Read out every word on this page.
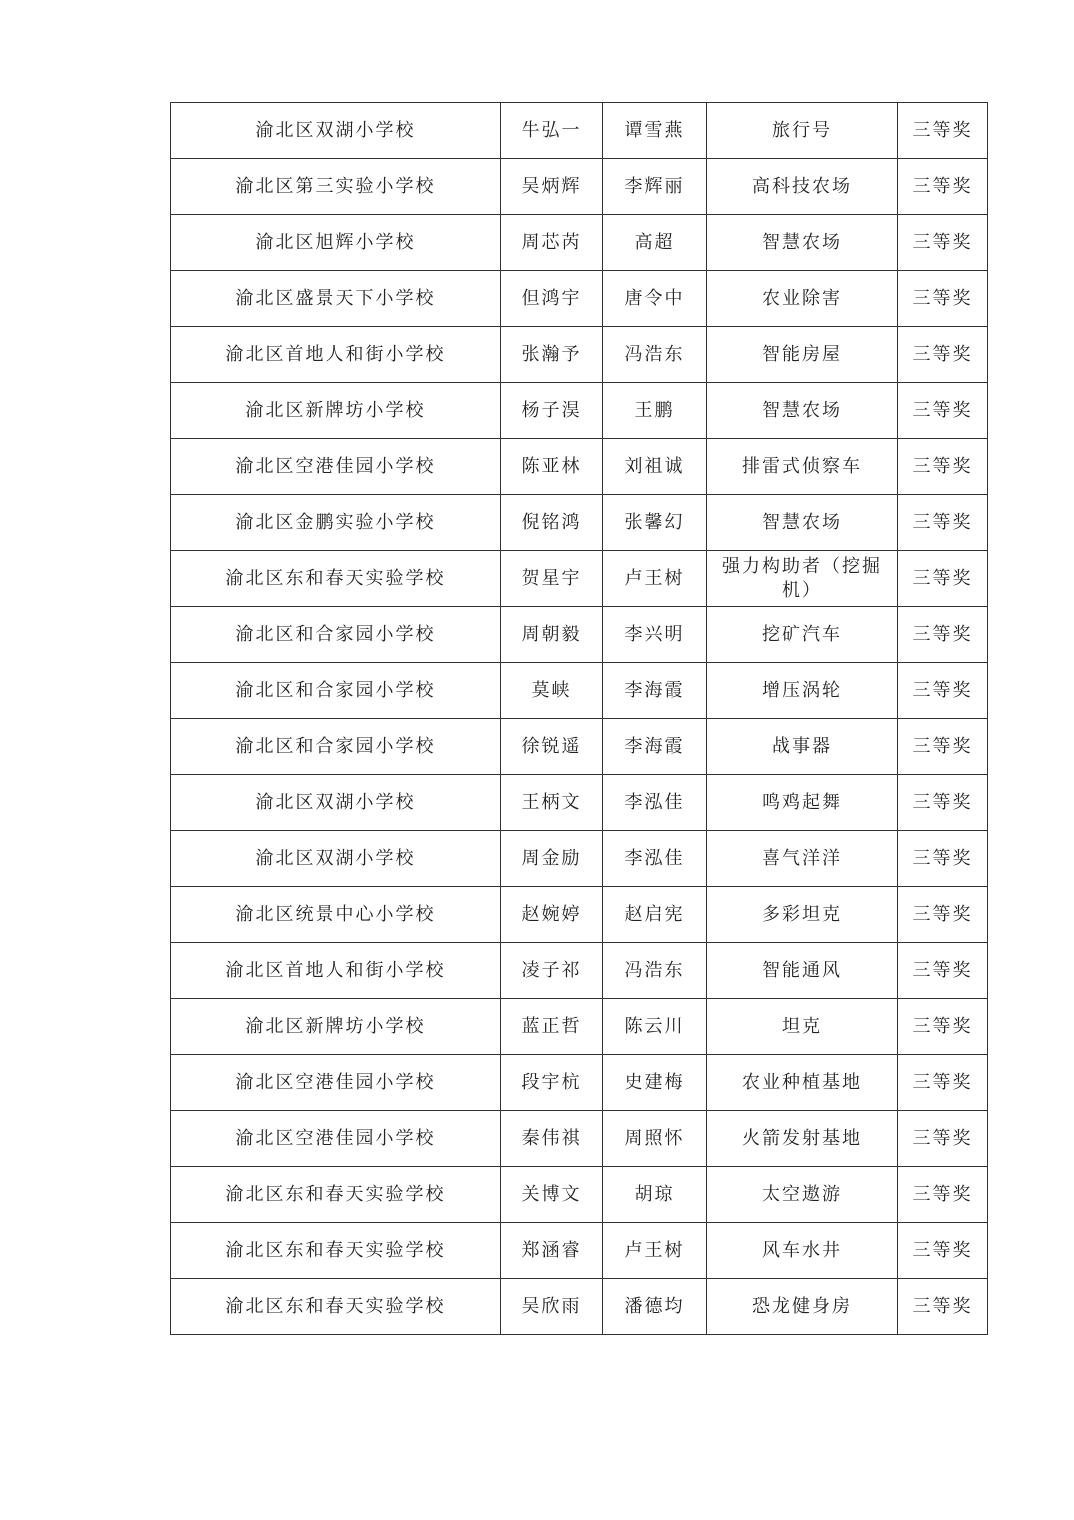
渝北区双湖小学校	牛弘一	谭雪燕	旅行号	三等奖
渝北区第三实验小学校	吴炳辉	李辉丽	高科技农场	三等奖
渝北区旭辉小学校	周芯芮	高超	智慧农场	三等奖
渝北区盛景天下小学校	但鸿宇	唐令中	农业除害	三等奖
渝北区首地人和街小学校	张瀚予	冯浩东	智能房屋	三等奖
渝北区新牌坊小学校	杨子淏	王鹏	智慧农场	三等奖
渝北区空港佳园小学校	陈亚林	刘祖诚	排雷式侦察车	三等奖
渝北区金鹏实验小学校	倪铭鸿	张馨幻	智慧农场	三等奖
渝北区东和春天实验学校	贺星宇	卢王树	强力构助者（挖掘机）	三等奖
渝北区和合家园小学校	周朝毅	李兴明	挖矿汽车	三等奖
渝北区和合家园小学校	莫峡	李海霞	增压涡轮	三等奖
渝北区和合家园小学校	徐锐遥	李海霞	战事器	三等奖
渝北区双湖小学校	王柄文	李泓佳	鸣鸡起舞	三等奖
渝北区双湖小学校	周金励	李泓佳	喜气洋洋	三等奖
渝北区统景中心小学校	赵婉婷	赵启宪	多彩坦克	三等奖
渝北区首地人和街小学校	凌子祁	冯浩东	智能通风	三等奖
渝北区新牌坊小学校	蓝正哲	陈云川	坦克	三等奖
渝北区空港佳园小学校	段宇杭	史建梅	农业种植基地	三等奖
渝北区空港佳园小学校	秦伟祺	周照怀	火箭发射基地	三等奖
渝北区东和春天实验学校	关博文	胡琼	太空遨游	三等奖
渝北区东和春天实验学校	郑涵睿	卢王树	风车水井	三等奖
渝北区东和春天实验学校	吴欣雨	潘德均	恐龙健身房	三等奖
